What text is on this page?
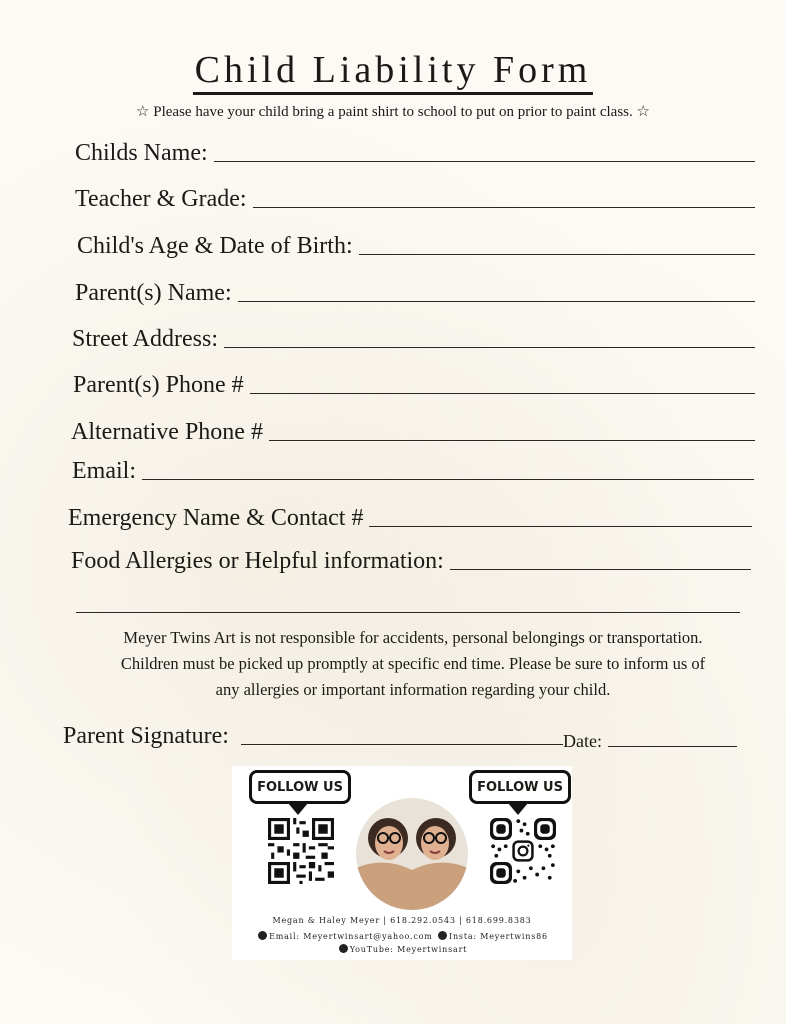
Child Liability Form
☆ Please have your child bring a paint shirt to school to put on prior to paint class. ☆
Childs Name:
Teacher & Grade:
Child's Age & Date of Birth:
Parent(s) Name:
Street Address:
Parent(s) Phone #
Alternative Phone #
Email:
Emergency Name & Contact #
Food Allergies or Helpful information:
Meyer Twins Art is not responsible for accidents, personal belongings or transportation.
Children must be picked up promptly at specific end time. Please be sure to inform us of
any allergies or important information regarding your child.
Parent Signature:	Date:
FOLLOW US	FOLLOW US
Megan & Haley Meyer | 618.292.0543 | 618.699.8383
Email: Meyertwinsart@yahoo.com Insta: Meyertwins86
YouTube: Meyertwinsart
